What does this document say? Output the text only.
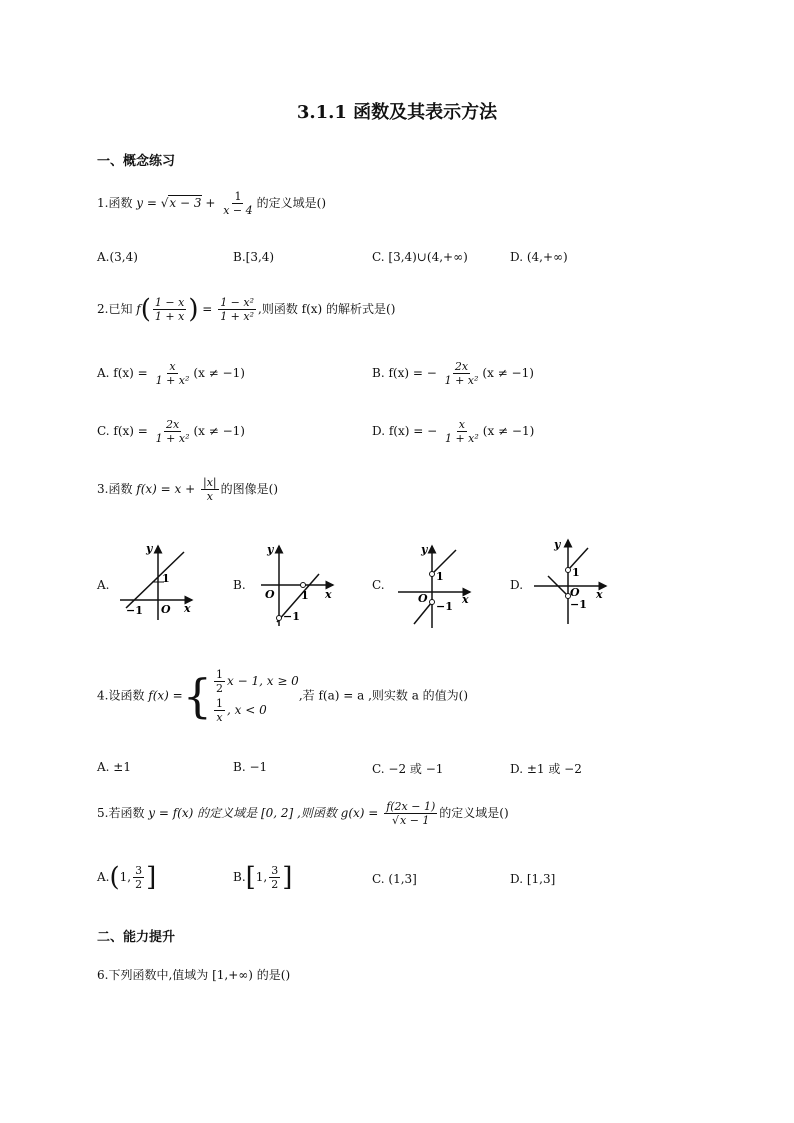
3.1.1 函数及其表示方法
一、概念练习
1.函数 $y = √x - 3 + \frac{1}{x - 4}$ 的定义域是()
A.(3,4)	B.[3,4)	C. [3,4)∪(4,+∞)	D. (4,+∞)
2.已知 $f( \frac{1 - x}{1 + x}$ ) = $\frac{\text{1 − x²}}{\text{1 + x²}}$ ,则函数 f(x) 的解析式是()
A. $f(x) = \frac{x}{\text{1 + x²}} (x \ne -1)$	B. f(x) = − $\frac{2x}{\text{1 + x²}} (x \ne -1)$
C. $f(x) = \frac{2x}{\text{1 + x²}} (x \ne -1)$	D. f(x) = − $\frac{x}{\text{1 + x²}} (x \ne -1)$
3.函数 $f(x) = x + \frac{|x|}{x}$ 的图像是()
A.
y
x
O
1
−1
B.
y
x
O 1
−1
C.
y
x
O
1
−1
D.
y
x
O
1
−1
4.设函数 f(x) ={ $\frac{1}{2}$ x − 1, x ≥ 0
$\frac{1}{x}$ , x < 0
,若 f(a) = a ,则实数 a 的值为()
A. ±1	B. −1	C. −2 或 −1	D. ±1 或 −2
5.若函数 y = f(x) 的定义域是 [0, 2] ,则函数 $g(x) = \frac{f(2x - 1)}{√x - 1}$ 的定义域是()
A.(1, $\frac{3}{2}$ ]	B.[1, $\frac{3}{2}$ ]	C. (1,3]	D. [1,3]
二、能力提升
6.下列函数中,值域为 [1,+∞) 的是()
